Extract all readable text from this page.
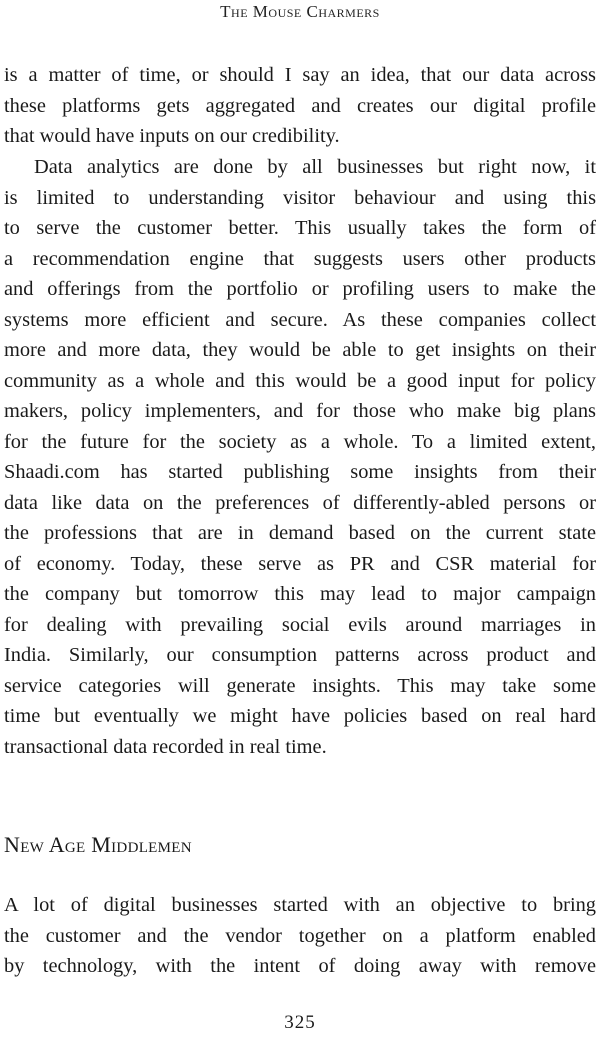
The Mouse Charmers
is a matter of time, or should I say an idea, that our data across
these platforms gets aggregated and creates our digital profile
that would have inputs on our credibility.
Data analytics are done by all businesses but right now, it
is limited to understanding visitor behaviour and using this
to serve the customer better. This usually takes the form of
a recommendation engine that suggests users other products
and offerings from the portfolio or profiling users to make the
systems more efficient and secure. As these companies collect
more and more data, they would be able to get insights on their
community as a whole and this would be a good input for policy
makers, policy implementers, and for those who make big plans
for the future for the society as a whole. To a limited extent,
Shaadi.com has started publishing some insights from their
data like data on the preferences of differently-abled persons or
the professions that are in demand based on the current state
of economy. Today, these serve as PR and CSR material for
the company but tomorrow this may lead to major campaign
for dealing with prevailing social evils around marriages in
India. Similarly, our consumption patterns across product and
service categories will generate insights. This may take some
time but eventually we might have policies based on real hard
transactional data recorded in real time.
New Age Middlemen
A lot of digital businesses started with an objective to bring
the customer and the vendor together on a platform enabled
by technology, with the intent of doing away with remove
325
